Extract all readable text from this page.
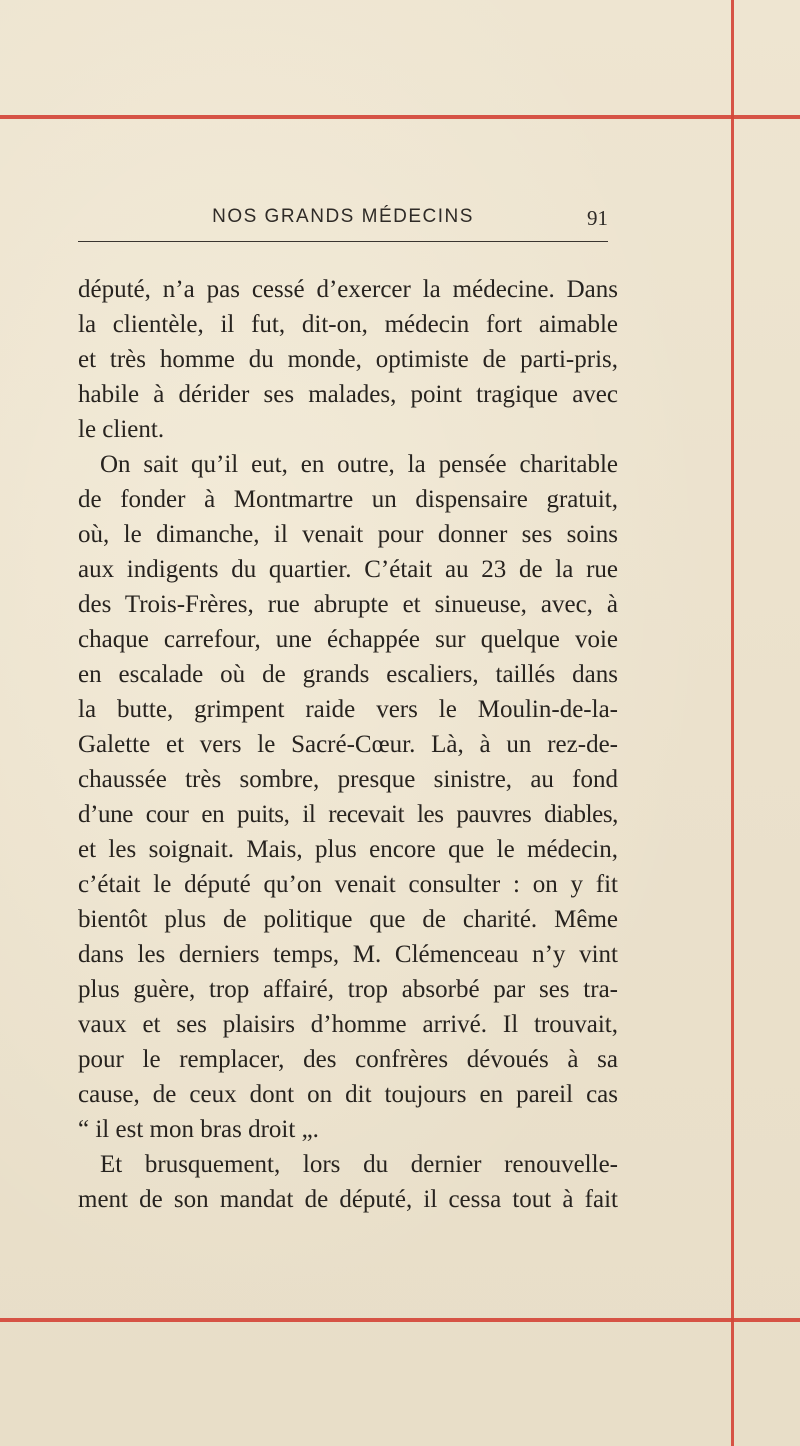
NOS GRANDS MÉDECINS	91
député, n’a pas cessé d’exercer la médecine. Dans
la clientèle, il fut, dit-on, médecin fort aimable
et très homme du monde, optimiste de parti-pris,
habile à dérider ses malades, point tragique avec
le client.
On sait qu’il eut, en outre, la pensée charitable
de fonder à Montmartre un dispensaire gratuit,
où, le dimanche, il venait pour donner ses soins
aux indigents du quartier. C’était au 23 de la rue
des Trois-Frères, rue abrupte et sinueuse, avec, à
chaque carrefour, une échappée sur quelque voie
en escalade où de grands escaliers, taillés dans
la butte, grimpent raide vers le Moulin-de-la-
Galette et vers le Sacré-Cœur. Là, à un rez-de-
chaussée très sombre, presque sinistre, au fond
d’une cour en puits, il recevait les pauvres diables,
et les soignait. Mais, plus encore que le médecin,
c’était le député qu’on venait consulter : on y fit
bientôt plus de politique que de charité. Même
dans les derniers temps, M. Clémenceau n’y vint
plus guère, trop affairé, trop absorbé par ses tra-
vaux et ses plaisirs d’homme arrivé. Il trouvait,
pour le remplacer, des confrères dévoués à sa
cause, de ceux dont on dit toujours en pareil cas
“ il est mon bras droit „.
Et brusquement, lors du dernier renouvelle-
ment de son mandat de député, il cessa tout à fait
